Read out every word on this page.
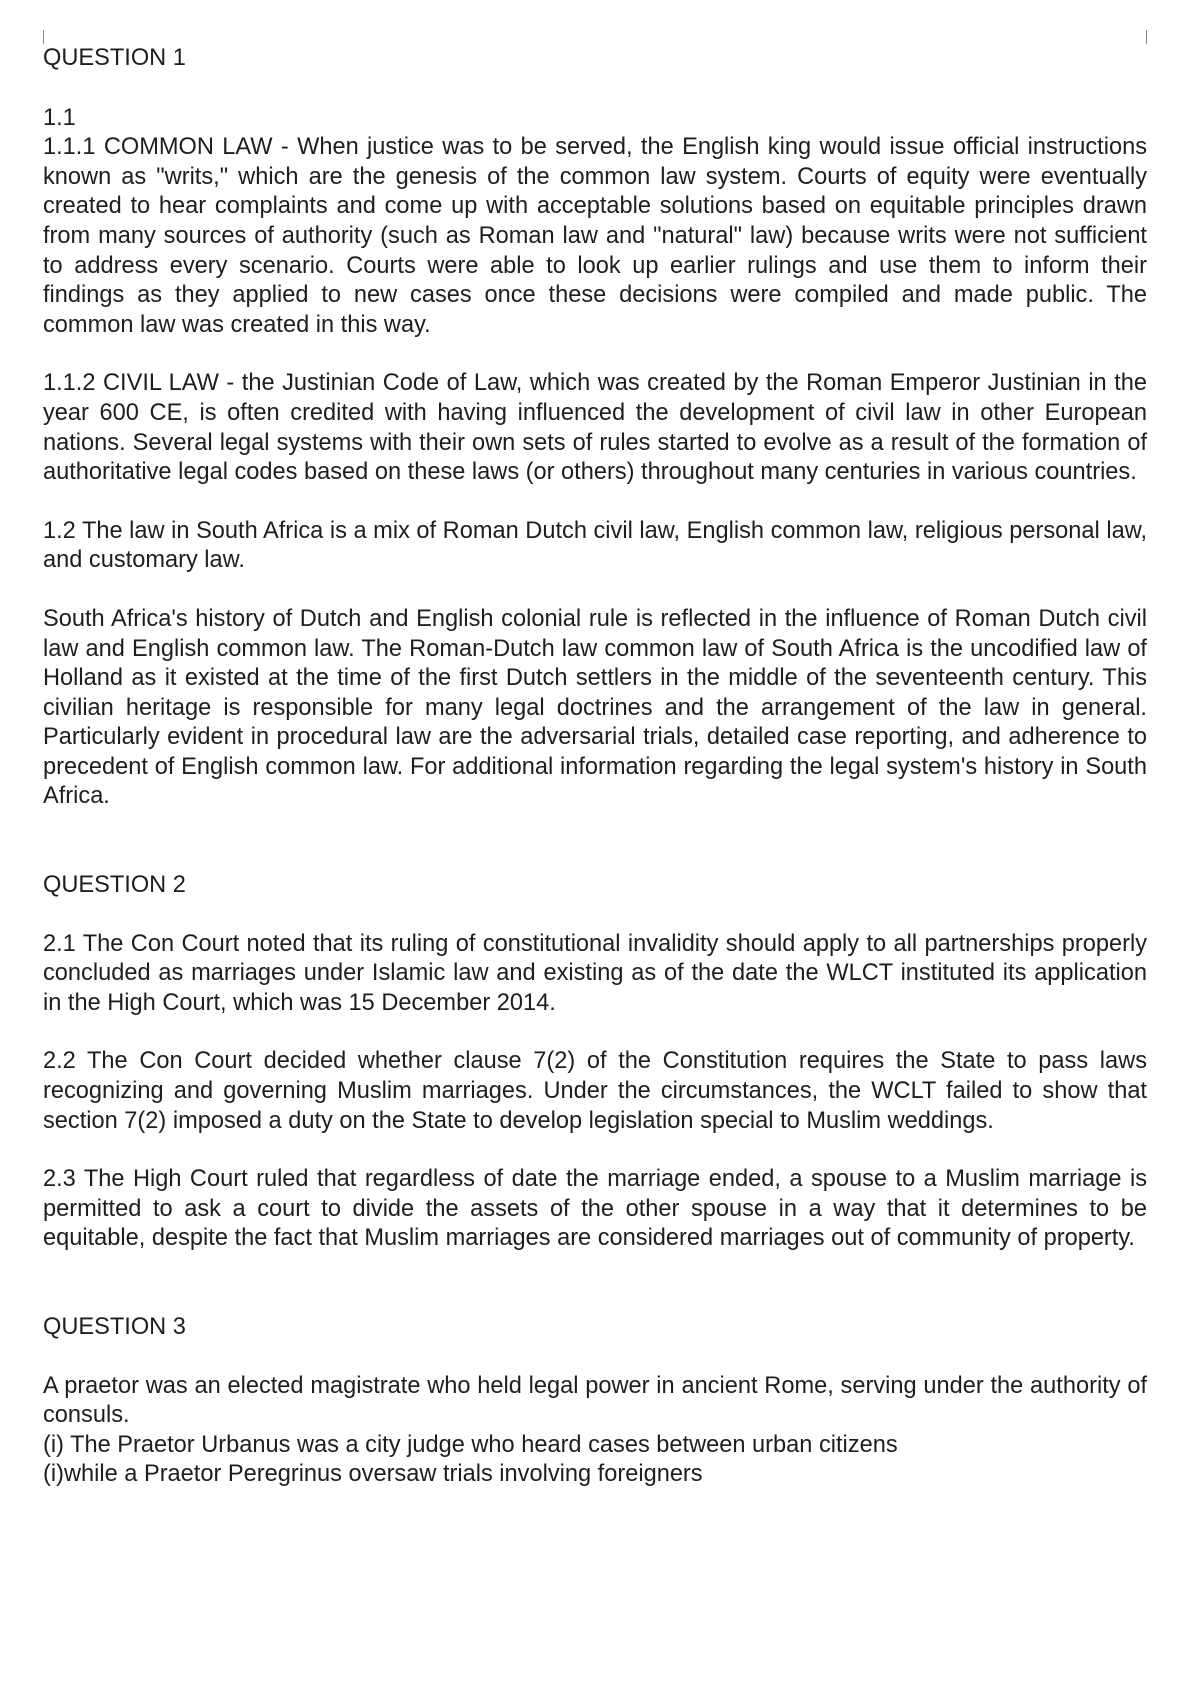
QUESTION 1
1.1

1.1.1 COMMON LAW - When justice was to be served, the English king would issue official instructions known as "writs," which are the genesis of the common law system. Courts of equity were eventually created to hear complaints and come up with acceptable solutions based on equitable principles drawn from many sources of authority (such as Roman law and "natural" law) because writs were not sufficient to address every scenario. Courts were able to look up earlier rulings and use them to inform their findings as they applied to new cases once these decisions were compiled and made public. The common law was created in this way.

1.1.2 CIVIL LAW - the Justinian Code of Law, which was created by the Roman Emperor Justinian in the year 600 CE, is often credited with having influenced the development of civil law in other European nations. Several legal systems with their own sets of rules started to evolve as a result of the formation of authoritative legal codes based on these laws (or others) throughout many centuries in various countries.

1.2 The law in South Africa is a mix of Roman Dutch civil law, English common law, religious personal law, and customary law.

South Africa's history of Dutch and English colonial rule is reflected in the influence of Roman Dutch civil law and English common law. The Roman-Dutch law common law of South Africa is the uncodified law of Holland as it existed at the time of the first Dutch settlers in the middle of the seventeenth century. This civilian heritage is responsible for many legal doctrines and the arrangement of the law in general. Particularly evident in procedural law are the adversarial trials, detailed case reporting, and adherence to precedent of English common law. For additional information regarding the legal system's history in South Africa.

QUESTION 2

2.1 The Con Court noted that its ruling of constitutional invalidity should apply to all partnerships properly concluded as marriages under Islamic law and existing as of the date the WLCT instituted its application in the High Court, which was 15 December 2014.

2.2 The Con Court decided whether clause 7(2) of the Constitution requires the State to pass laws recognizing and governing Muslim marriages. Under the circumstances, the WCLT failed to show that section 7(2) imposed a duty on the State to develop legislation special to Muslim weddings.

2.3 The High Court ruled that regardless of date the marriage ended, a spouse to a Muslim marriage is permitted to ask a court to divide the assets of the other spouse in a way that it determines to be equitable, despite the fact that Muslim marriages are considered marriages out of community of property.

QUESTION 3

A praetor was an elected magistrate who held legal power in ancient Rome, serving under the authority of consuls.

(i) The Praetor Urbanus was a city judge who heard cases between urban citizens
(i)while a Praetor Peregrinus oversaw trials involving foreigners
